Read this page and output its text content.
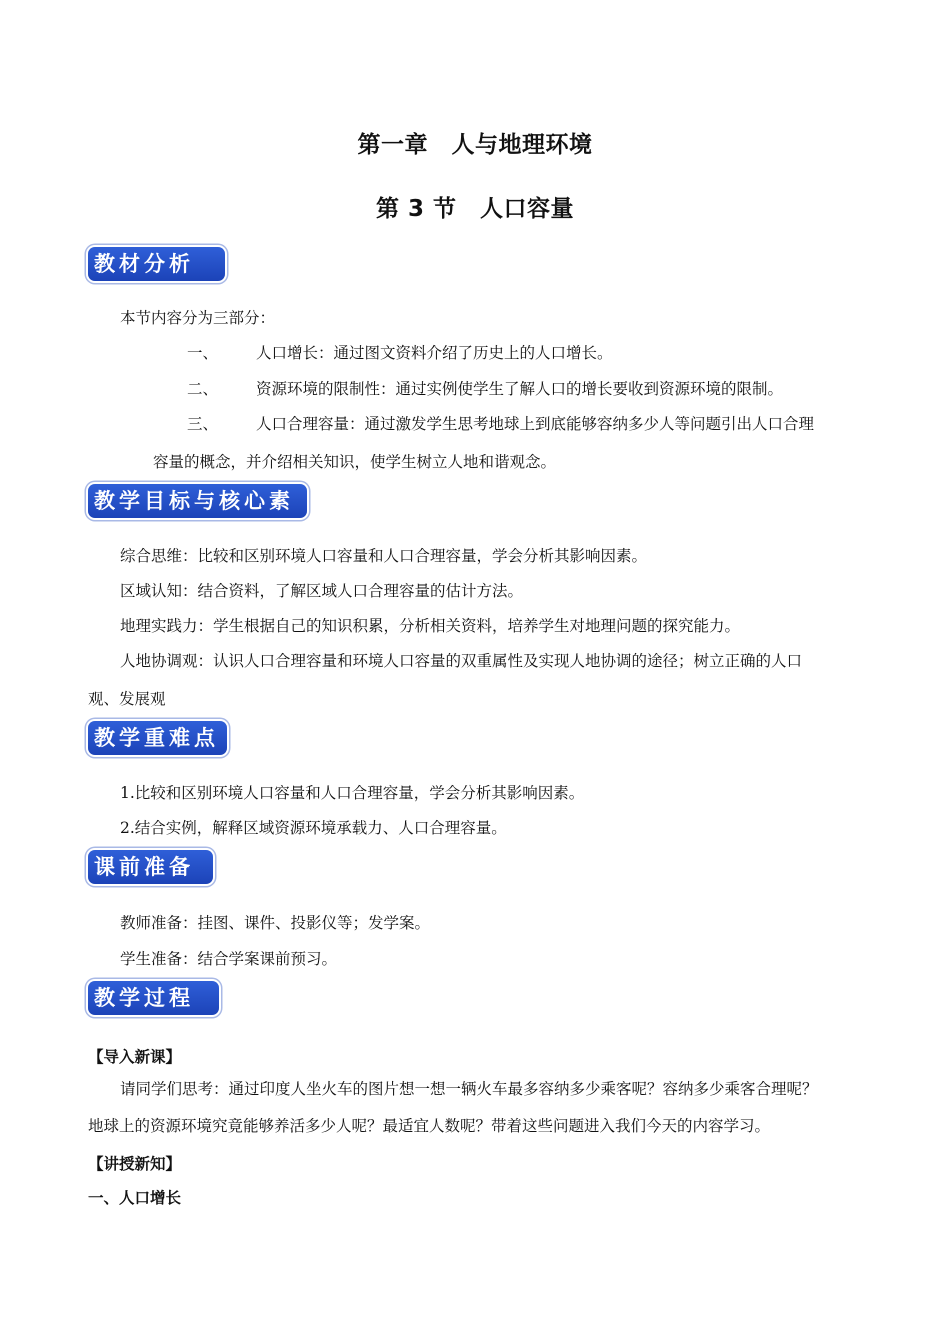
第一章　人与地理环境
第 3 节　人口容量
教材分析
本节内容分为三部分：
一、 人口增长：通过图文资料介绍了历史上的人口增长。
二、 资源环境的限制性：通过实例使学生了解人口的增长要收到资源环境的限制。
三、 人口合理容量：通过激发学生思考地球上到底能够容纳多少人等问题引出人口合理
容量的概念，并介绍相关知识，使学生树立人地和谐观念。
教学目标与核心素养
综合思维：比较和区别环境人口容量和人口合理容量，学会分析其影响因素。
区域认知：结合资料，了解区域人口合理容量的估计方法。
地理实践力：学生根据自己的知识积累，分析相关资料，培养学生对地理问题的探究能力。
人地协调观：认识人口合理容量和环境人口容量的双重属性及实现人地协调的途径；树立正确的人口
观、发展观
教学重难点
1.比较和区别环境人口容量和人口合理容量，学会分析其影响因素。
2.结合实例，解释区域资源环境承载力、人口合理容量。
课前准备
教师准备：挂图、课件、投影仪等；发学案。
学生准备：结合学案课前预习。
教学过程
【导入新课】
请同学们思考：通过印度人坐火车的图片想一想一辆火车最多容纳多少乘客呢？容纳多少乘客合理呢？
地球上的资源环境究竟能够养活多少人呢？最适宜人数呢？带着这些问题进入我们今天的内容学习。
【讲授新知】
一、人口增长
